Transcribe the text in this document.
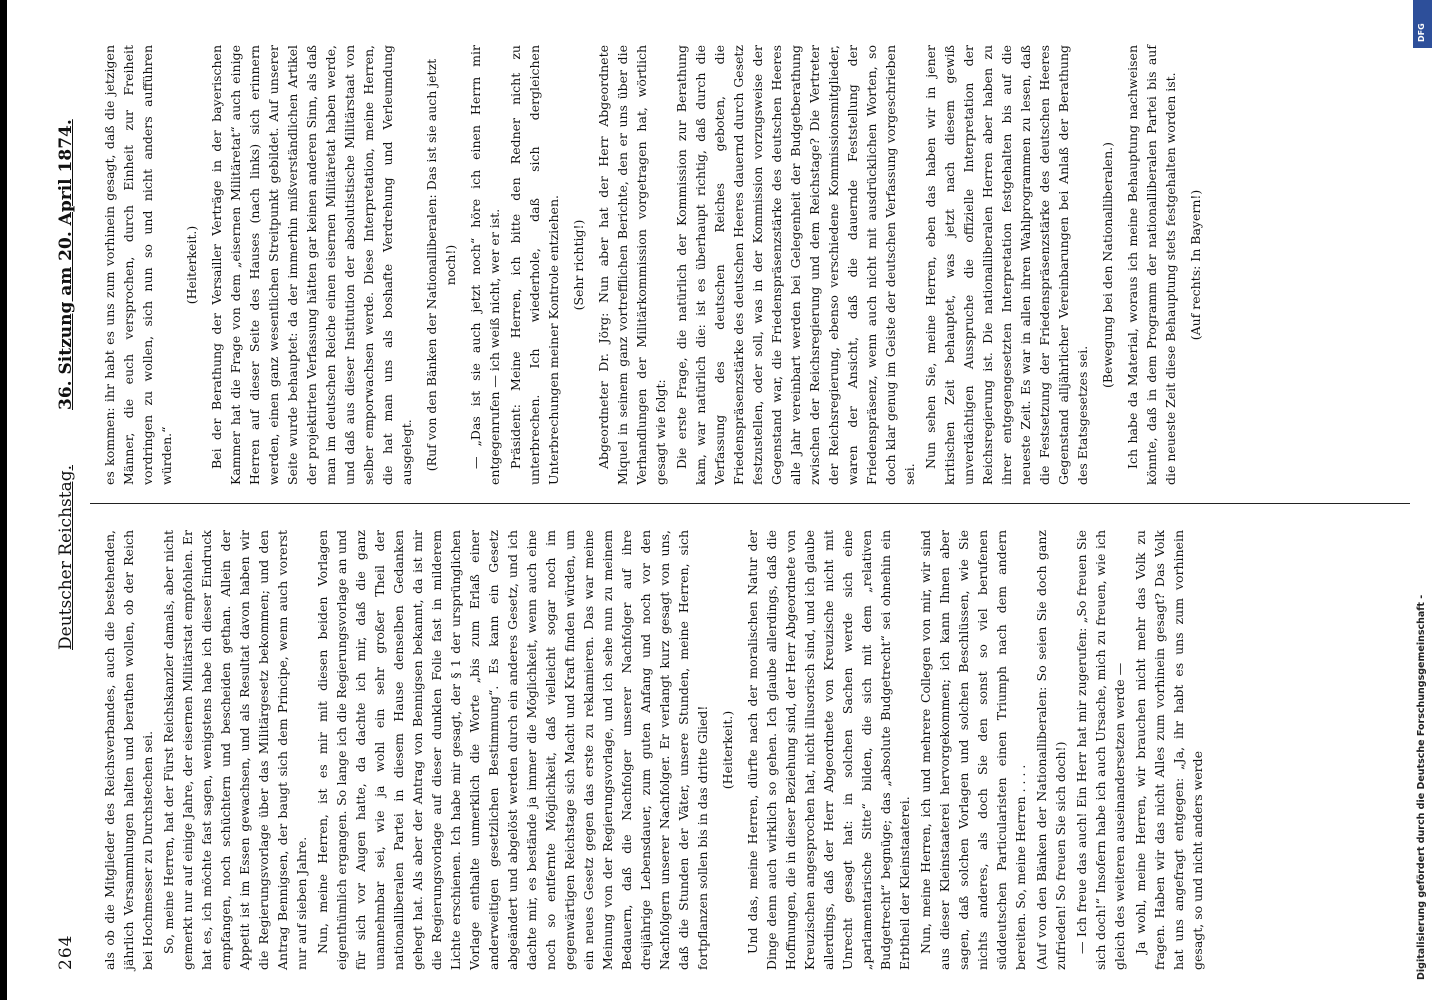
264
Deutscher Reichstag.
36. Sitzung am 20. April 1874.

als ob die Mitglieder des Reichsverbandes, auch die bestehenden, jährlich Versammlungen halten und berathen wollen, ob der Reich bei Hochmesser zu Durchstechen sei. So, meine Herren, hat der Fürst Reichskanzler damals, aber nicht gemerkt nur auf einige Jahre, der eisernen Militärstat empfohlen. Er hat es, ich möchte fast sagen, wenigstens habe ich dieser Eindruck empfangen, noch schüchtern und bescheiden gethan. Allein der Appetit ist im Essen gewachsen, und als Resultat davon haben wir die Regierungsvorlage über das Militärgesetz bekommen; und den Antrag Bennigsen, der baugt sich dem Principe, wenn auch vorerst nur auf sieben Jahre. Nun, meine Herren, ist es mir mit diesen beiden Vorlagen eigenthümlich ergangen. So lange ich die Regierungsvorlage an und für sich vor Augen hatte, da dachte ich mir, daß die ganz unannehmbar sei, wie ja wohl ein sehr großer Theil der nationalliberalen Partei in diesem Hause denselben Gedanken gehegt hat. Als aber der Antrag von Bennigsen bekannt, da ist mir die Regierungsvorlage auf dieser dunklen Folie fast in milderem Lichte erschienen. Ich habe mir gesagt, der § 1 der ursprünglichen Vorlage enthalte unmerklich die Worte „bis zum Erlaß einer anderweitigen gesetzlichen Bestimmung“. Es kann ein Gesetz abgeändert und abgelöst werden durch ein anderes Gesetz, und ich dachte mir, es bestände ja immer die Möglichkeit, wenn auch eine noch so entfernte Möglichkeit, daß vielleicht sogar noch im gegenwärtigen Reichstage sich Macht und Kraft finden würden, um ein neues Gesetz gegen das erste zu reklamieren. Das war meine Meinung von der Regierungsvorlage, und ich sehe nun zu meinem Bedauern, daß die Nachfolger unserer Nachfolger auf ihre dreijährige Lebensdauer, zum guten Anfang und noch vor den Nachfolgern unserer Nachfolger. Er verlangt kurz gesagt von uns, daß die Stunden der Väter, unsere Stunden, meine Herren, sich fortpflanzen sollen bis in das dritte Glied! (Heiterkeit.) Und das, meine Herren, dürfte nach der moralischen Natur der Dinge denn auch wirklich so gehen. Ich glaube allerdings, daß die Hoffnungen, die in dieser Beziehung sind, der Herr Abgeordnete von Kreuzischen angesprochen hat, nicht illusorisch sind, und ich glaube allerdings, daß der Herr Abgeordnete von Kreuzische nicht mit Unrecht gesagt hat: in solchen Sachen werde sich eine „parlamentarische Sitte“ bilden, die sich mit dem „relativen Budgetrecht“ begnüge; das „absolute Budgetrecht“ sei ohnehin ein Erbtheil der Kleinstaaterei. Nun, meine Herren, ich und mehrere Collegen von mir, wir sind aus dieser Kleinstaaterei hervorgekommen; ich kann Ihnen aber sagen, daß solchen Vorlagen und solchen Beschlüssen, wie Sie nichts anderes, als doch Sie den sonst so viel berufenen süddeutschen Particularisten einen Triumph nach dem andern bereiten. So, meine Herren . . . . (Auf von den Bänken der Nationalliberalen: So seien Sie doch ganz zufrieden! So freuen Sie sich doch!) — Ich freue das auch! Ein Herr hat mir zugerufen: „So freuen Sie sich doch!“ Insofern habe ich auch Ursache, mich zu freuen, wie ich gleich des weiteren auseinandersetzen werde — Ja wohl, meine Herren, wir brauchen nicht mehr das Volk zu fragen. Haben wir das nicht Alles zum vorhinein gesagt? Das Volk hat uns angefragt entgegen: „Ja, ihr habt es uns zum vorhinein gesagt, so und nicht anders werde

es kommen: ihr habt es uns zum vorhinein gesagt, daß die jetzigen Männer, die euch versprochen, durch Einheit zur Freiheit vordringen zu wollen, sich nun so und nicht anders aufführen würden.“

(Heiterkeit.) Bei der Berathung der Versailler Verträge in der bayerischen Kammer hat die Frage von dem „eisernen Militäretat“ auch einige Herren auf dieser Seite des Hauses (nach links) sich erinnern werden, einen ganz wesentlichen Streitpunkt gebildet. Auf unserer Seite wurde behauptet: da der immerhin mißverständlichen Artikel der projektirten Verfassung hätten gar keinen anderen Sinn, als daß man im deutschen Reiche einen eisernen Militäretat haben werde, und daß aus dieser Institution der absolutistische Militärstaat von selber emporwachsen werde. Diese Interpretation, meine Herren, die hat man uns als boshafte Verdrehung und Verleumdung ausgelegt. (Ruf von den Bänken der Nationalliberalen: Das ist sie auch jetzt noch!) — „Das ist sie auch jetzt noch“ höre ich einen Herrn mir entgegenrufen — ich weiß nicht, wer er ist. Präsident: Meine Herren, ich bitte den Redner nicht zu unterbrechen. Ich wiederhole, daß sich dergleichen Unterbrechungen meiner Kontrole entziehen. (Sehr richtig!) Abgeordneter Dr. Jörg: Nun aber hat der Herr Abgeordnete Miquel in seinem ganz vortrefflichen Berichte, den er uns über die Verhandlungen der Militärkommission vorgetragen hat, wörtlich gesagt wie folgt: Die erste Frage, die natürlich der Kommission zur Berathung kam, war natürlich die: ist es überhaupt richtig, daß durch die Verfassung des deutschen Reiches geboten, die Friedenspräsenzstärke des deutschen Heeres dauernd durch Gesetz festzustellen, oder soll, was in der Kommission vorzugsweise der Gegenstand war, die Friedenspräsenzstärke des deutschen Heeres alle Jahr vereinbart werden bei Gelegenheit der Budgetberathung zwischen der Reichsregierung und dem Reichstage? Die Vertreter der Reichsregierung, ebenso verschiedene Kommissionsmitglieder, waren der Ansicht, daß die dauernde Feststellung der Friedenspräsenz, wenn auch nicht mit ausdrücklichen Worten, so doch klar genug im Geiste der deutschen Verfassung vorgeschrieben sei.

Nun sehen Sie, meine Herren, eben das haben wir in jener kritischen Zeit behauptet, was jetzt nach diesem gewiß unverdächtigen Ausspruche die offizielle Interpretation der Reichsregierung ist. Die nationalliberalen Herren aber haben zu ihrer entgegengesetzten Interpretation festgehalten bis auf die neueste Zeit. Es war in allen ihren Wahlprogrammen zu lesen, daß die Festsetzung der Friedenspräsenzstärke des deutschen Heeres Gegenstand alljährlicher Vereinbarungen bei Anlaß der Berathung des Etatsgesetzes sei.

(Bewegung bei den Nationalliberalen.) Ich habe da Material, woraus ich meine Behauptung nachweisen könnte, daß in dem Programm der nationalliberalen Partei bis auf die neueste Zeit diese Behauptung stets festgehalten worden ist. (Auf rechts: In Bayern!)

Digitalisierung gefördert durch die Deutsche Forschungsgemeinschaft -
DFG
